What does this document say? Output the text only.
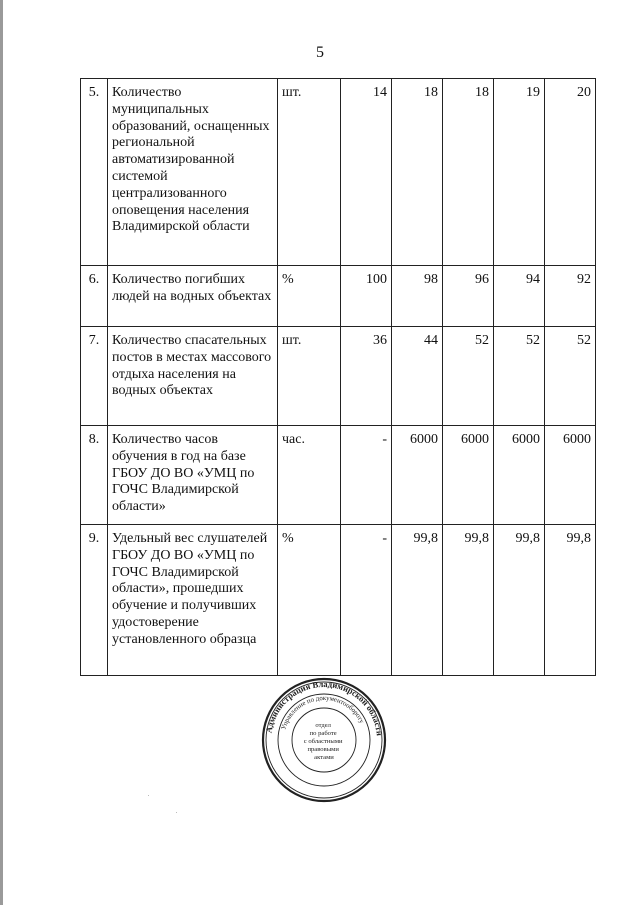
5
5.	Количество муниципальных образований, оснащенных региональной автоматизированной системой централизованного оповещения населения Владимирской области	шт.	14	18	18	19	20
6.	Количество погибших людей на водных объектах	%	100	98	96	94	92
7.	Количество спасательных постов в местах массового отдыха населения на водных объектах	шт.	36	44	52	52	52
8.	Количество часов обучения в год на базе ГБОУ ДО ВО «УМЦ по ГОЧС Владимирской области»	час.	-	6000	6000	6000	6000
9.	Удельный вес слушателей ГБОУ ДО ВО «УМЦ по ГОЧС Владимирской области», прошедших обучение и получивших удостоверение установленного образца	%	-	99,8	99,8	99,8	99,8
Администрация Владимирской области
Управление по документообороту
отдел по работе с областными правовыми актами
